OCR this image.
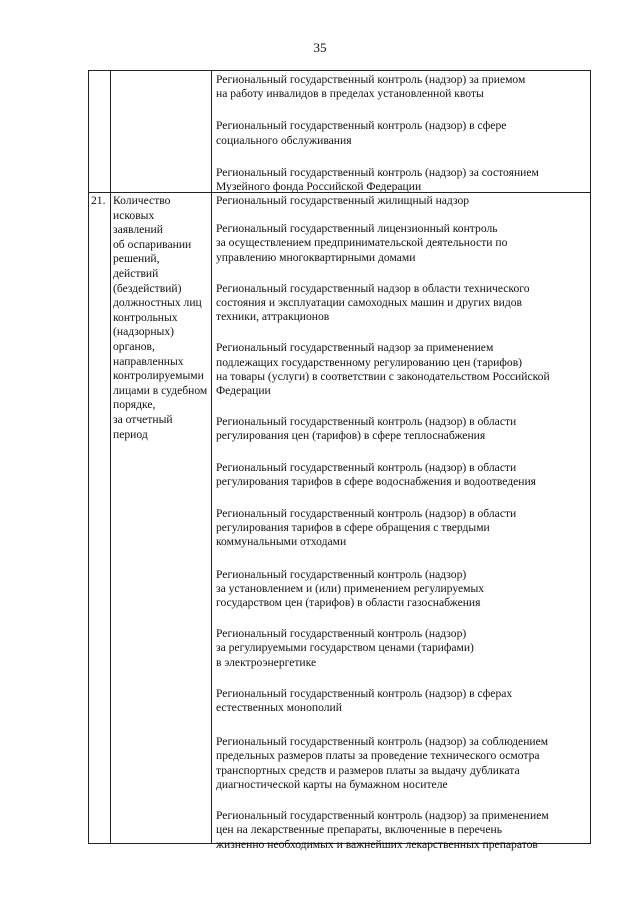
35
Региональный государственный контроль (надзор) за приемом
на работу инвалидов в пределах установленной квоты
Региональный государственный контроль (надзор) в сфере
социального обслуживания
Региональный государственный контроль (надзор) за состоянием
Музейного фонда Российской Федерации
21. Количество
исковых
заявлений
об оспаривании
решений,
действий
(бездействий)
должностных лиц
контрольных
(надзорных)
органов,
направленных
контролируемыми
лицами в судебном
порядке,
за отчетный
период
Региональный государственный жилищный надзор
Региональный государственный лицензионный контроль
за осуществлением предпринимательской деятельности по
управлению многоквартирными домами
Региональный государственный надзор в области технического
состояния и эксплуатации самоходных машин и других видов
техники, аттракционов
Региональный государственный надзор за применением
подлежащих государственному регулированию цен (тарифов)
на товары (услуги) в соответствии с законодательством Российской
Федерации
Региональный государственный контроль (надзор) в области
регулирования цен (тарифов) в сфере теплоснабжения
Региональный государственный контроль (надзор) в области
регулирования тарифов в сфере водоснабжения и водоотведения
Региональный государственный контроль (надзор) в области
регулирования тарифов в сфере обращения с твердыми
коммунальными отходами
Региональный государственный контроль (надзор)
за установлением и (или) применением регулируемых
государством цен (тарифов) в области газоснабжения
Региональный государственный контроль (надзор)
за регулируемыми государством ценами (тарифами)
в электроэнергетике
Региональный государственный контроль (надзор) в сферах
естественных монополий
Региональный государственный контроль (надзор) за соблюдением
предельных размеров платы за проведение технического осмотра
транспортных средств и размеров платы за выдачу дубликата
диагностической карты на бумажном носителе
Региональный государственный контроль (надзор) за применением
цен на лекарственные препараты, включенные в перечень
жизненно необходимых и важнейших лекарственных препаратов
